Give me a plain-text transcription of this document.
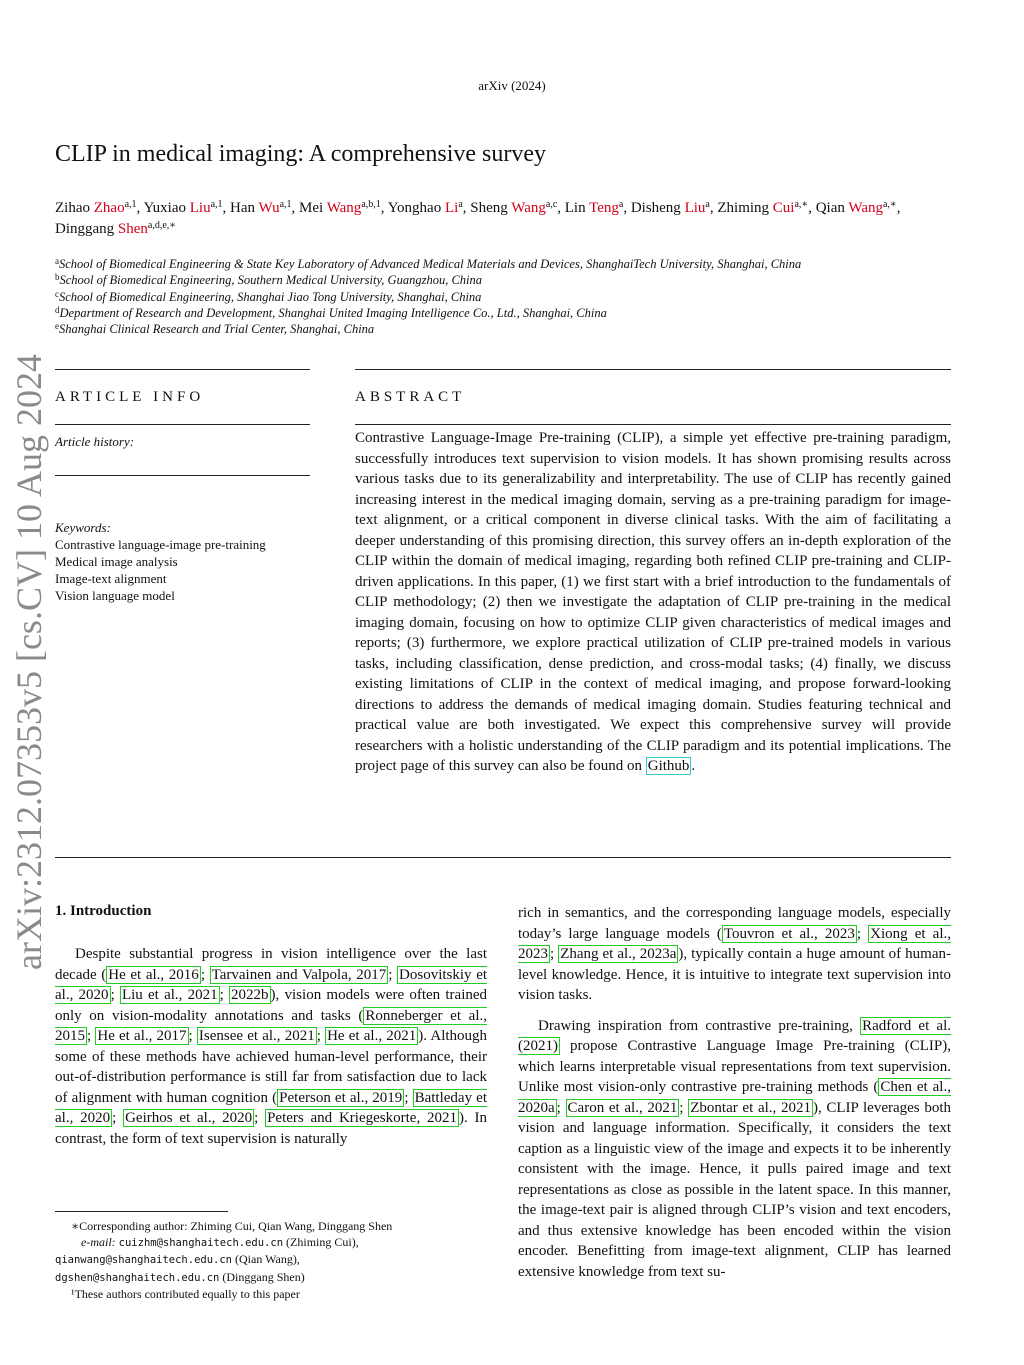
arXiv (2024)
CLIP in medical imaging: A comprehensive survey
Zihao Zhao$^{a,1}$, Yuxiao Liu$^{a,1}$, Han Wu$^{a,1}$, Mei Wang$^{a,b,1}$, Yonghao Li$^a$, Sheng Wang$^{a,c}$, Lin Teng$^a$, Disheng Liu$^a$, Zhiming Cui$^{a,∗}$, Qian Wang$^{a,∗}$, Dinggang Shen$^{a,d,e,∗}$
$^a$School of Biomedical Engineering & State Key Laboratory of Advanced Medical Materials and Devices, ShanghaiTech University, Shanghai, China
$^b$School of Biomedical Engineering, Southern Medical University, Guangzhou, China
$^c$School of Biomedical Engineering, Shanghai Jiao Tong University, Shanghai, China
$^d$Department of Research and Development, Shanghai United Imaging Intelligence Co., Ltd., Shanghai, China
$^e$Shanghai Clinical Research and Trial Center, Shanghai, China
ARTICLE INFO
Article history:
Keywords:
Contrastive language-image pre-training
Medical image analysis
Image-text alignment
Vision language model
ABSTRACT
Contrastive Language-Image Pre-training (CLIP), a simple yet effective pre-training paradigm, successfully introduces text supervision to vision models. It has shown promising results across various tasks due to its generalizability and interpretability. The use of CLIP has recently gained increasing interest in the medical imaging domain, serving as a pre-training paradigm for image-text alignment, or a critical component in diverse clinical tasks. With the aim of facilitating a deeper understanding of this promising direction, this survey offers an in-depth exploration of the CLIP within the domain of medical imaging, regarding both refined CLIP pre-training and CLIP-driven applications. In this paper, (1) we first start with a brief introduction to the fundamentals of CLIP methodology; (2) then we investigate the adaptation of CLIP pre-training in the medical imaging domain, focusing on how to optimize CLIP given characteristics of medical images and reports; (3) furthermore, we explore practical utilization of CLIP pre-trained models in various tasks, including classification, dense prediction, and cross-modal tasks; (4) finally, we discuss existing limitations of CLIP in the context of medical imaging, and propose forward-looking directions to address the demands of medical imaging domain. Studies featuring technical and practical value are both investigated. We expect this comprehensive survey will provide researchers with a holistic understanding of the CLIP paradigm and its potential implications. The project page of this survey can also be found on Github .
arXiv:2312.07353v5 [cs.CV] 10 Aug 2024 1. Introduction

Despite substantial progress in vision intelligence over the last decade ( He et al., 2016 ; Tarvainen and Valpola, 2017 ; Dosovitskiy et al., 2020 ; Liu et al., 2021 ; 2022b ), vision models were often trained only on vision-modality annotations and tasks ( Ronneberger et al., 2015 ; He et al., 2017 ; Isensee et al., 2021 ; He et al., 2021 ). Although some of these methods have achieved human-level performance, their out-of-distribution performance is still far from satisfaction due to lack of alignment with human cognition ( Peterson et al., 2019 ; Battleday et al., 2020 ; Geirhos et al., 2020 ; Peters and Kriegeskorte, 2021 ). In contrast, the form of text supervision is naturally

rich in semantics, and the corresponding language models, especially today’s large language models ( Touvron et al., 2023 ; Xiong et al., 2023 ; Zhang et al., 2023a ), typically contain a huge amount of human-level knowledge. Hence, it is intuitive to integrate text supervision into vision tasks.

Drawing inspiration from contrastive pre-training, Radford et al. (2021) propose Contrastive Language Image Pre-training (CLIP), which learns interpretable visual representations from text supervision. Unlike most vision-only contrastive pre-training methods ( Chen et al., 2020a ; Caron et al., 2021 ; Zbontar et al., 2021 ), CLIP leverages both vision and language information. Specifically, it considers the text caption as a linguistic view of the image and expects it to be inherently consistent with the image. Hence, it pulls paired image and text representations as close as possible in the latent space. In this manner, the image-text pair is aligned through CLIP’s vision and text encoders, and thus extensive knowledge has been encoded within the vision encoder. Benefitting from image-text alignment, CLIP has learned extensive knowledge from text su-

∗Corresponding author: Zhiming Cui, Qian Wang, Dinggang Shen
e-mail: cuizhm@shanghaitech.edu.cn (Zhiming Cui),
qianwang@shanghaitech.edu.cn (Qian Wang),
dgshen@shanghaitech.edu.cn (Dinggang Shen)
¹These authors contributed equally to this paper
